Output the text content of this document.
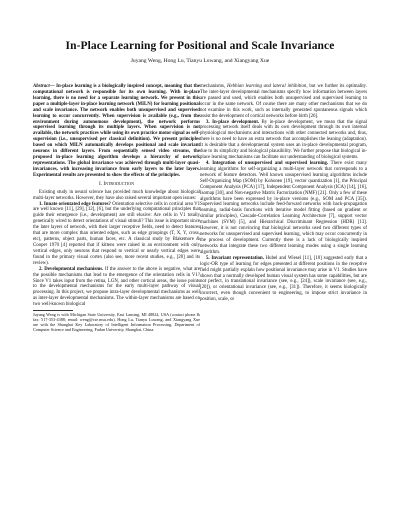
In-Place Learning for Positional and Scale Invariance
Juyang Weng, Hong Lu, Tianyu Luwang, and Xiangyang Xue

Abstract— In-place learning is a biologically inspired concept, meaning that the computational network is responsible for its own learning. With in-place learning, there is no need for a separate learning network. We present in this paper a multiple-layer in-place learning network (MILN) for learning positional and scale invariance. The network enables both unsupervised and supervised learning to occur concurrently. When supervision is available (e.g., from the environment during autonomous development), the network performs supervised learning through its multiple layers. When supervision is not available, the network practices while using its own practice motor signal as self-supervision (i.e., unsupervised per classical definition). We present principles based on which MILN automatically develops positional and scale invariant neurons in different layers. From sequentially sensed video streams, the proposed in-place learning algorithm develops a hierarchy of network representations. The global invariance was achieved through multi-layer quasi-invariances, with increasing invariance from early layers to the later layers. Experimental results are presented to show the effects of the principles.

I. Introduction

Existing study in neural science has provided much knowledge about biological multi-layer networks. However, they have also raised several important open issues:

1. Innate orientated edge features? Orientation selective cells in cortical area V1 are well known [11], [29], [12], [6], but the underlying computational principles that guide their emergence (i.e., development) are still elusive: Are cells in V1 totally genetically wired to detect orientations of visual stimuli? This issue is important since the later layers of network, with their larger receptive fields, need to detect features that are more complex than oriented edges, such as edge groupings (T, X, Y, cross, etc), patterns, object parts, human faces, etc. A classical study by Blakemore & Cooper 1970 [4] reported that if kittens were raised in an environment with only vertical edges, only neurons that respond to vertical or nearly vertical edges were found in the primary visual cortex (also see, more recent studies, e.g., [28] and its review).

2. Developmental mechanisms. If the answer to the above is negative, what are the possible mechanisms that lead to the emergence of the orientation cells in V1? Since V1 takes input from the retina, LGN, and other cortical areas, the issue points to the developmental mechanisms for the early multi-layer pathway of visual processing. In this project, we propose intra-layer developmental mechanisms as well as inter-layer developmental mechanisms. The within-layer mechanisms are based on two well-known biological

Juyang Weng is with Michigan State University, East Lansing, MI 48824, USA (contact phone & fax: 517-353-4388; email: weng@cse.msu.edu). Hong Lu, Tianyu Luwang, and Xiangyang Xue are with the Shanghai Key Laboratory of Intelligent Information Processing, Department of Computer Science and Engineering, Fudan University, Shanghai, China.

mechanisms, Hebbian learning and lateral inhibition, but we further its optimality. The inter-layer developmental mechanisms specify how information between layers are passed and used, which enables both unsupervised and supervised learning to occur in the same network. Of course there are many other mechanisms that we do not examine in this work, such as internally generated spontaneous signals which assist the development of cortical networks before birth [26].

3. In-place development. By in-place development, we mean that the signal processing network itself deals with its own development through its own internal physiological mechanisms and interactions with other connected networks and, thus, there is no need to have an extra network that accomplishes the leaning (adaptation). It is desirable that a developmental system uses an in-place developmental program, due to its simplicity and biological plausibility. We further propose that biological in-place learning mechanisms can facilitate our understanding of biological systems.

4. Integration of unsupervised and supervised learning. There exist many learning algorithms for self-organizing a multi-layer network that corresponds to a network of feature detectors. Well known unsupervised learning algorithms include Self-Organizing Map (SOM) by Kohonen [19], vector quantization [1], the Principal Component Analysis (PCA) [17], Independent Component Analysis (ICA) [14], [16], Isomap [30], and Non-negative Matrix Factorization (NMF) [21]. Only a few of these algorithms have been expressed by in-place versions (e.g., SOM and PCA [35]). Supervised learning networks include feed-forward networks with back-propagation learning, radial-basis functions with iterative model fitting (based on gradient or similar principles), Cascade-Correlation Learning Architecture [7], support vector machines (SVM) [5], and Hierarchical Discriminant Regression (HDR) [13]. However, it is not convincing that biological networks used two different types of networks for unsupervised and supervised learning, which may occur concurrently in the process of development. Currently there is a lack of biologically inspired networks that integrate these two different learning modes using a single learning algorithm.

5. Invariant representation. Hubel and Wiesel [11], [10] suggested early that a logic-OR type of learning for edges presented at different positions in the receptive field might partially explain how positional invariance may arise in V1. Studies have shown that a normally developed human visual system has some capabilities, but are not perfect, in translational invariance (see, e.g., [24]), scale invariance (see, e.g., [20]), or orientational invariance (see, e.g., [31]). Therefore, it seems biologically incorrect, even though convenient to engineering, to impose strict invariance in position, scale, or
